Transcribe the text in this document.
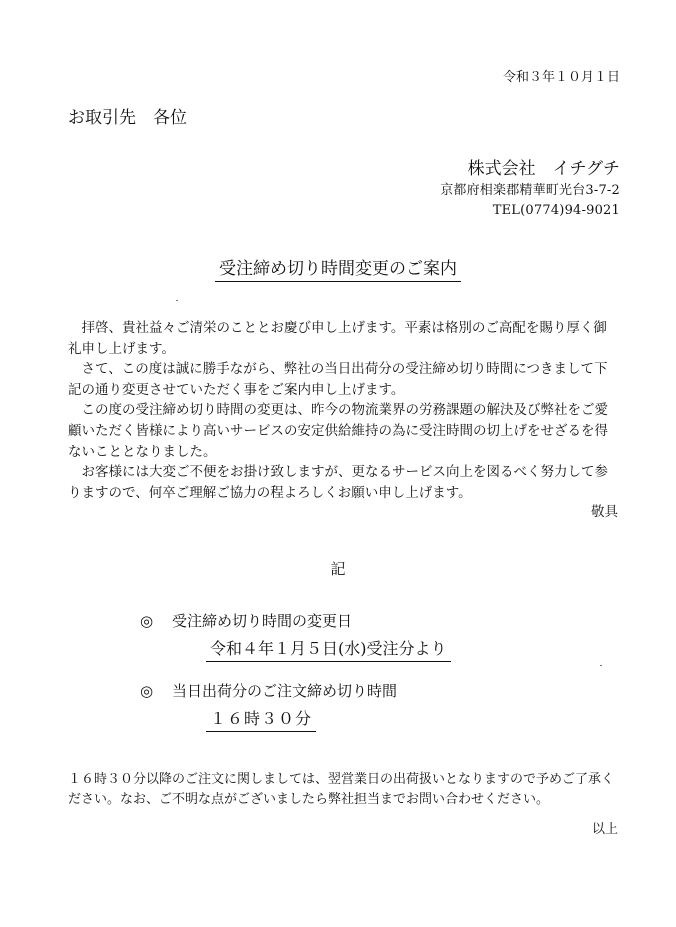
令和３年１０月１日
お取引先　各位
株式会社　イチグチ
京都府相楽郡精華町光台3-7-2
TEL(0774)94-9021
受注締め切り時間変更のご案内

拝啓、貴社益々ご清栄のこととお慶び申し上げます。平素は格別のご高配を賜り厚く御礼申し上げます。

さて、この度は誠に勝手ながら、弊社の当日出荷分の受注締め切り時間につきまして下記の通り変更させていただく事をご案内申し上げます。

この度の受注締め切り時間の変更は、昨今の物流業界の労務課題の解決及び弊社をご愛顧いただく皆様により高いサービスの安定供給維持の為に受注時間の切上げをせざるを得ないこととなりました。

お客様には大変ご不便をお掛け致しますが、更なるサービス向上を図るべく努力して参りますので、何卒ご理解ご協力の程よろしくお願い申し上げます。

敬具
記
◎ 受注締め切り時間の変更日
令和４年１月５日(水)受注分より
◎ 当日出荷分のご注文締め切り時間
１６時３０分

１６時３０分以降のご注文に関しましては、翌営業日の出荷扱いとなりますので予めご了承ください。なお、ご不明な点がございましたら弊社担当までお問い合わせください。

以上
